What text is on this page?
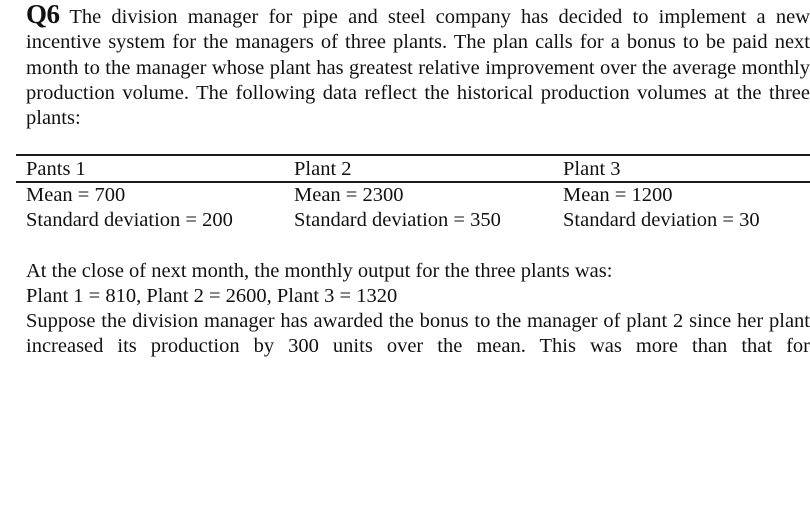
Q6 The division manager for pipe and steel company has decided to implement a new incentive system for the managers of three plants. The plan calls for a bonus to be paid next month to the manager whose plant has greatest relative improvement over the average monthly production volume. The following data reflect the historical production volumes at the three plants:

Pants 1
Mean = 700
Standard deviation = 200
Plant 2
Mean = 2300
Standard deviation = 350
Plant 3
Mean = 1200
Standard deviation = 30

At the close of next month, the monthly output for the three plants was:

Plant 1 = 810, Plant 2 = 2600, Plant 3 = 1320

Suppose the division manager has awarded the bonus to the manager of plant 2 since her plant increased its production by 300 units over the mean. This was more than that for
